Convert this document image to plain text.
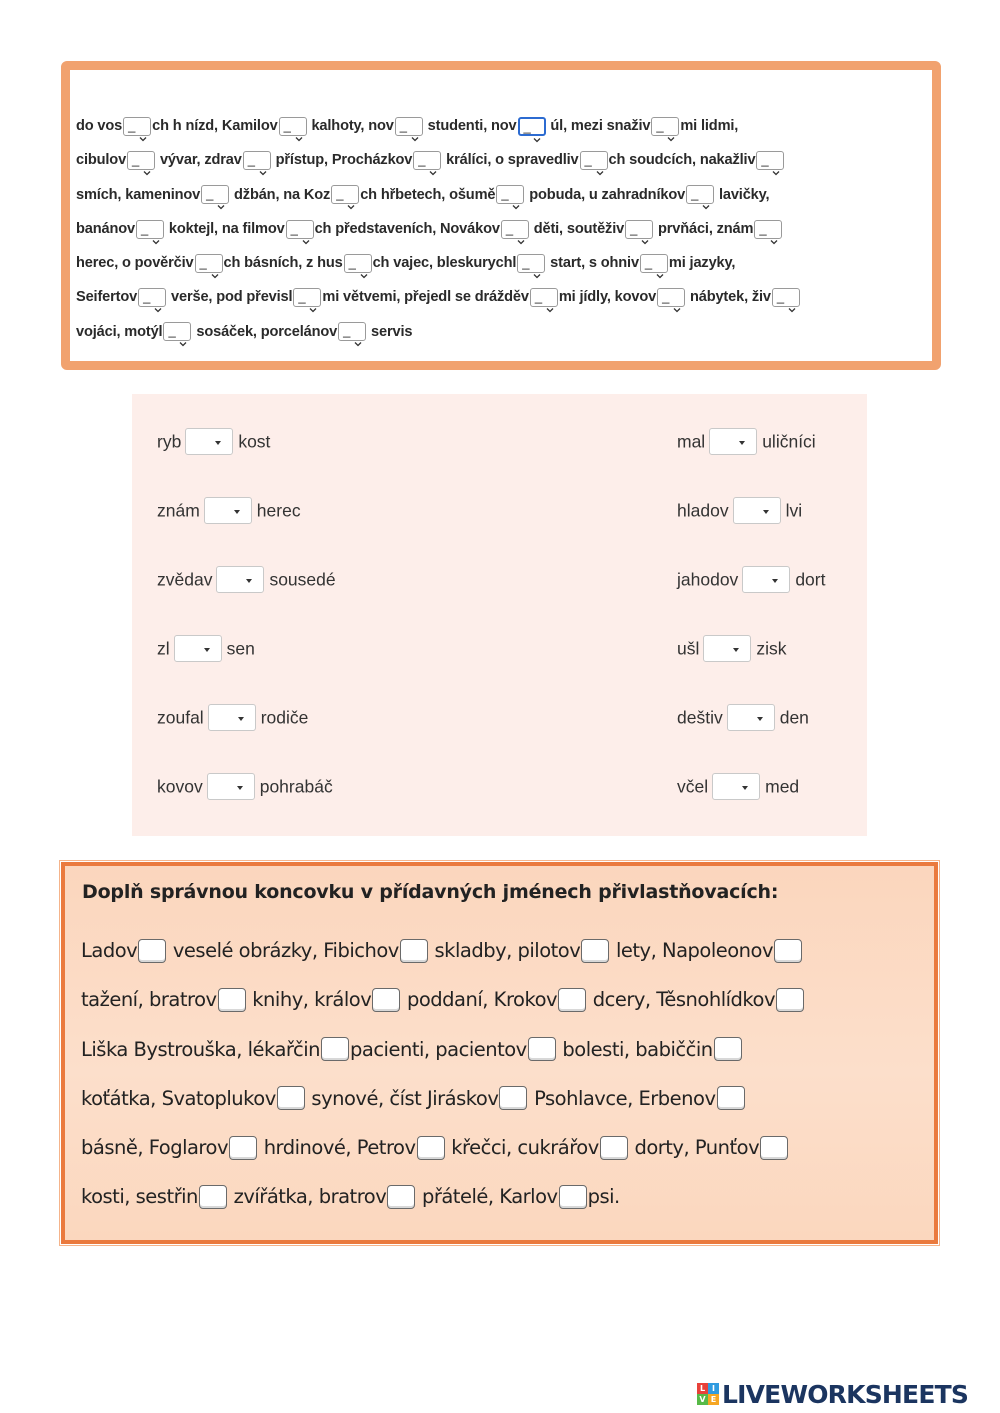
do vos _ ch h nízd, Kamilov _ kalhoty, nov _ studenti, nov _ úl, mezi snaživ _ mi lidmi,
cibulov _ vývar, zdrav _ přístup, Procházkov _ králíci, o spravedliv _ ch soudcích, nakažliv _
smích, kameninov _ džbán, na Koz _ ch hřbetech, ošumě _ pobuda, u zahradníkov _ lavičky,
banánov _ koktejl, na filmov _ ch představeních, Novákov _ děti, soutěživ _ prvňáci, znám _
herec, o pověrčiv _ ch básních, z hus _ ch vajec, bleskurychl _ start, s ohniv _ mi jazyky,
Seifertov _ verše, pod převisl _ mi větvemi, přejedl se drážděv _ mi jídly, kovov _ nábytek, živ _
vojáci, motýl _ sosáček, porcelánov _ servis
ryb	kost	mal	uličníci
znám	herec	hladov	lvi
zvědav	sousedé	jahodov	dort
zl	sen	ušl	zisk
zoufal	rodiče	deštiv	den
kovov	pohrabáč	včel	med
Doplň správnou koncovku v přídavných jménech přivlastňovacích:
Ladov veselé obrázky, Fibichov skladby, pilotov lety, Napoleonov
tažení, bratrov knihy, králov poddaní, Krokov dcery, Těsnohlídkov
Liška Bystrouška, lékařčin pacienti, pacientov bolesti, babiččin
koťátka, Svatoplukov synové, číst Jiráskov Psohlavce, Erbenov
básně, Foglarov hrdinové, Petrov křečci, cukrářov dorty, Punťov
kosti, sestřin zvířátka, bratrov přátelé, Karlov psi.
L I
V E LIVEWORKSHEETS
